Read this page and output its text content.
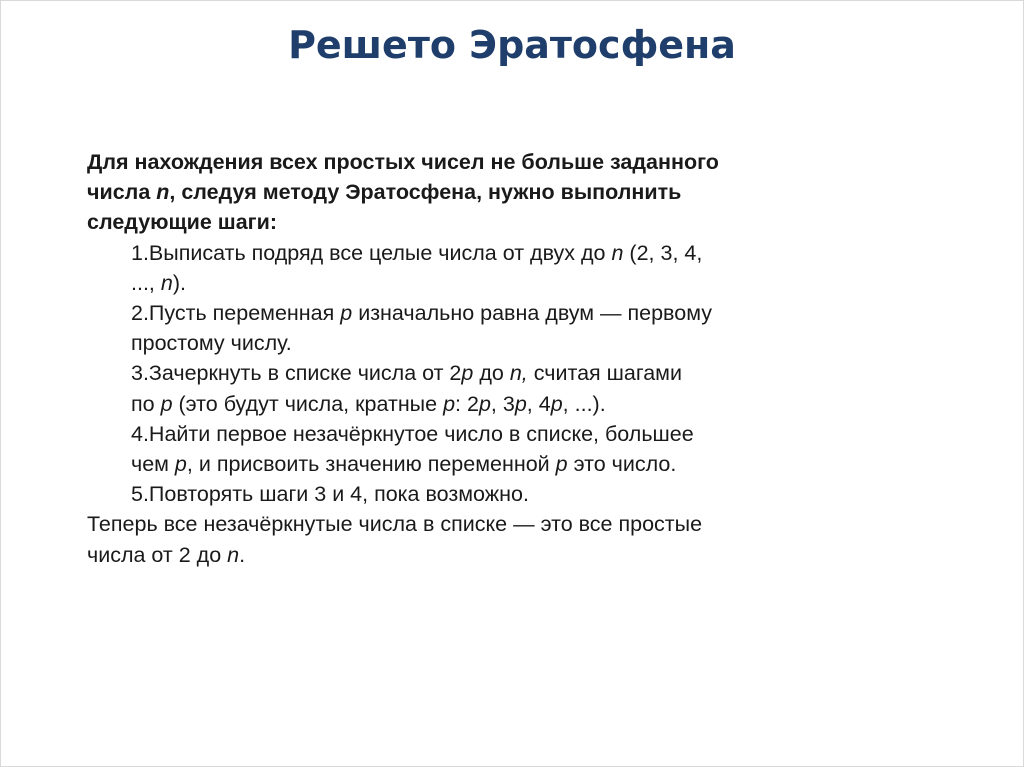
Решето Эратосфена
Для нахождения всех простых чисел не больше заданного
числа n, следуя методу Эратосфена, нужно выполнить
следующие шаги:
1.Выписать подряд все целые числа от двух до n (2, 3, 4,
..., n).
2.Пусть переменная p изначально равна двум — первому
простому числу.
3.Зачеркнуть в списке числа от 2p до n, считая шагами
по p (это будут числа, кратные p: 2p, 3p, 4p, ...).
4.Найти первое незачёркнутое число в списке, большее
чем p, и присвоить значению переменной p это число.
5.Повторять шаги 3 и 4, пока возможно.
Теперь все незачёркнутые числа в списке — это все простые
числа от 2 до n.
